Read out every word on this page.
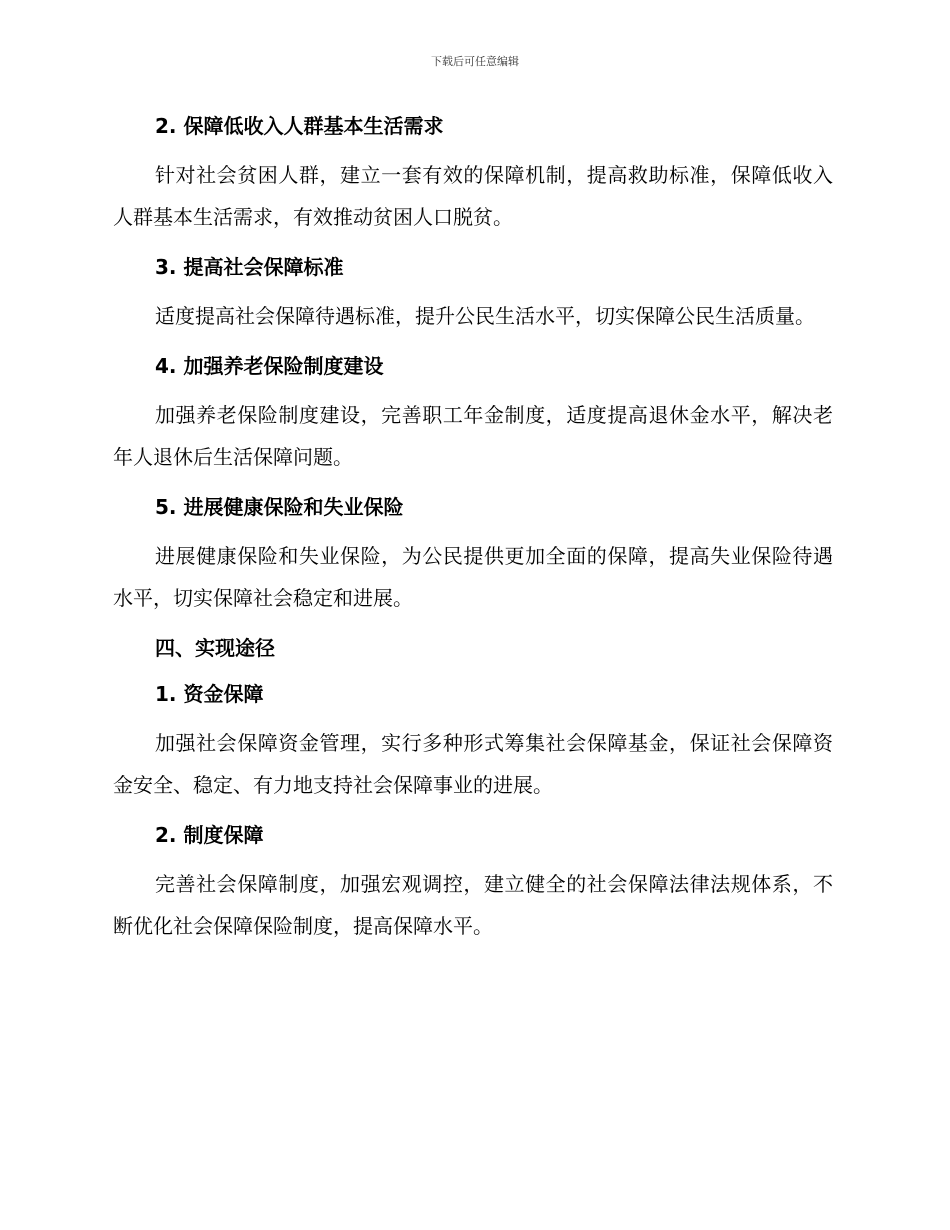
下载后可任意编辑
2. 保障低收入人群基本生活需求

针对社会贫困人群，建立一套有效的保障机制，提高救助标准，保障低收入人群基本生活需求，有效推动贫困人口脱贫。

3. 提高社会保障标准

适度提高社会保障待遇标准，提升公民生活水平，切实保障公民生活质量。

4. 加强养老保险制度建设

加强养老保险制度建设，完善职工年金制度，适度提高退休金水平，解决老年人退休后生活保障问题。

5. 进展健康保险和失业保险

进展健康保险和失业保险，为公民提供更加全面的保障，提高失业保险待遇水平，切实保障社会稳定和进展。

四、实现途径
1. 资金保障

加强社会保障资金管理，实行多种形式筹集社会保障基金，保证社会保障资金安全、稳定、有力地支持社会保障事业的进展。

2. 制度保障

完善社会保障制度，加强宏观调控，建立健全的社会保障法律法规体系，不断优化社会保障保险制度，提高保障水平。
